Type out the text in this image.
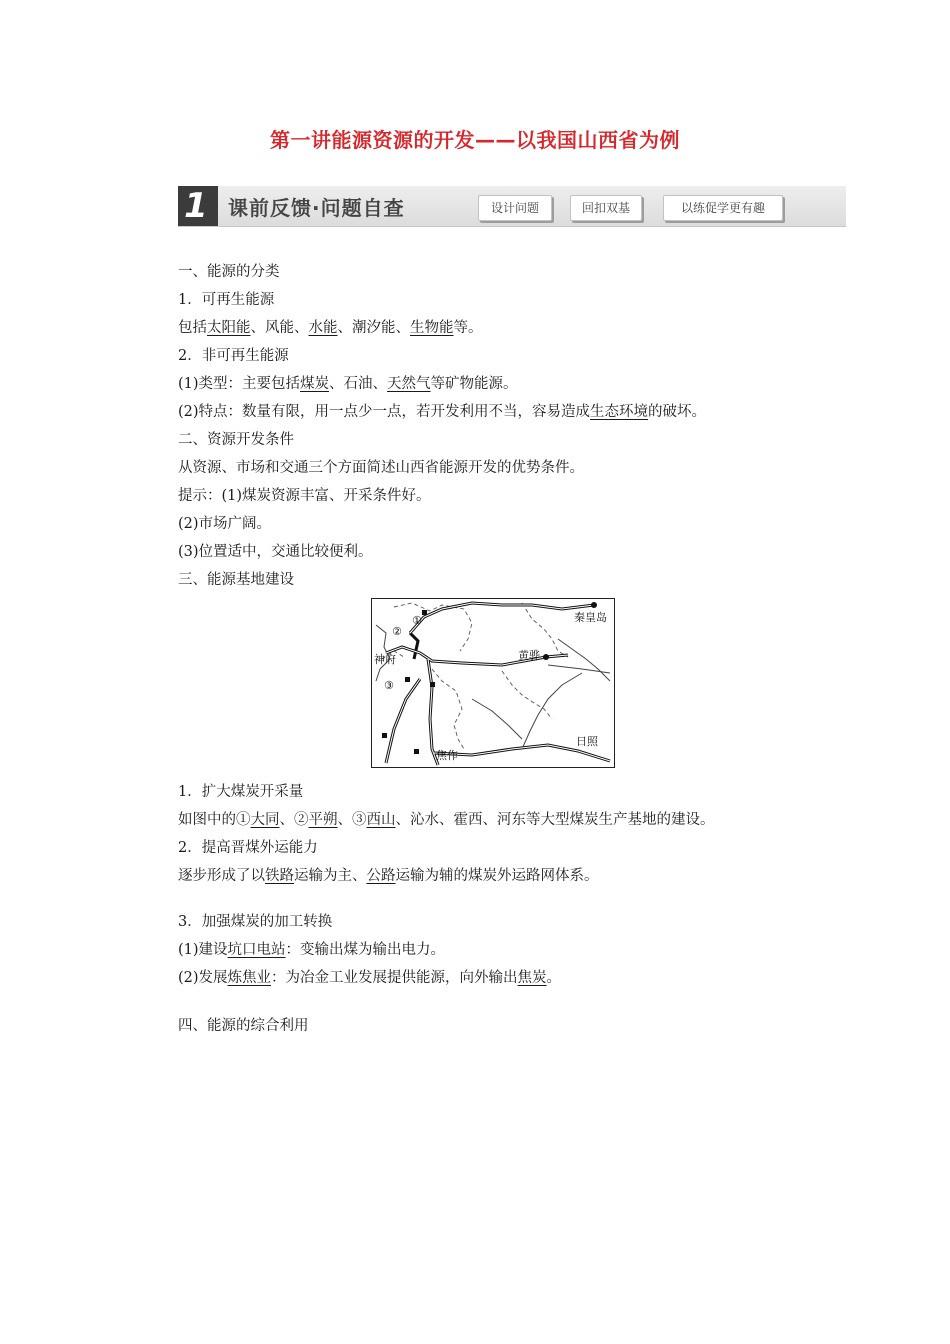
第一讲能源资源的开发——以我国山西省为例
1 课前反馈·问题自查	设计问题	回扣双基	以练促学更有趣
一、能源的分类
1．可再生能源
包括太阳能、风能、水能、潮汐能、生物能等。
2．非可再生能源
(1)类型：主要包括煤炭、石油、天然气等矿物能源。
(2)特点：数量有限，用一点少一点，若开发利用不当，容易造成生态环境的破坏。
二、资源开发条件
从资源、市场和交通三个方面简述山西省能源开发的优势条件。
提示：(1)煤炭资源丰富、开采条件好。
(2)市场广阔。
(3)位置适中，交通比较便利。
三、能源基地建设
1．扩大煤炭开采量
如图中的①大同、②平朔、③西山、沁水、霍西、河东等大型煤炭生产基地的建设。
2．提高晋煤外运能力
逐步形成了以铁路运输为主、公路运输为辅的煤炭外运路网体系。
3．加强煤炭的加工转换
(1)建设坑口电站：变输出煤为输出电力。
(2)发展炼焦业：为冶金工业发展提供能源，向外输出焦炭。
四、能源的综合利用
秦皇岛
神府	黄骅
焦作
日照
①
②
③
